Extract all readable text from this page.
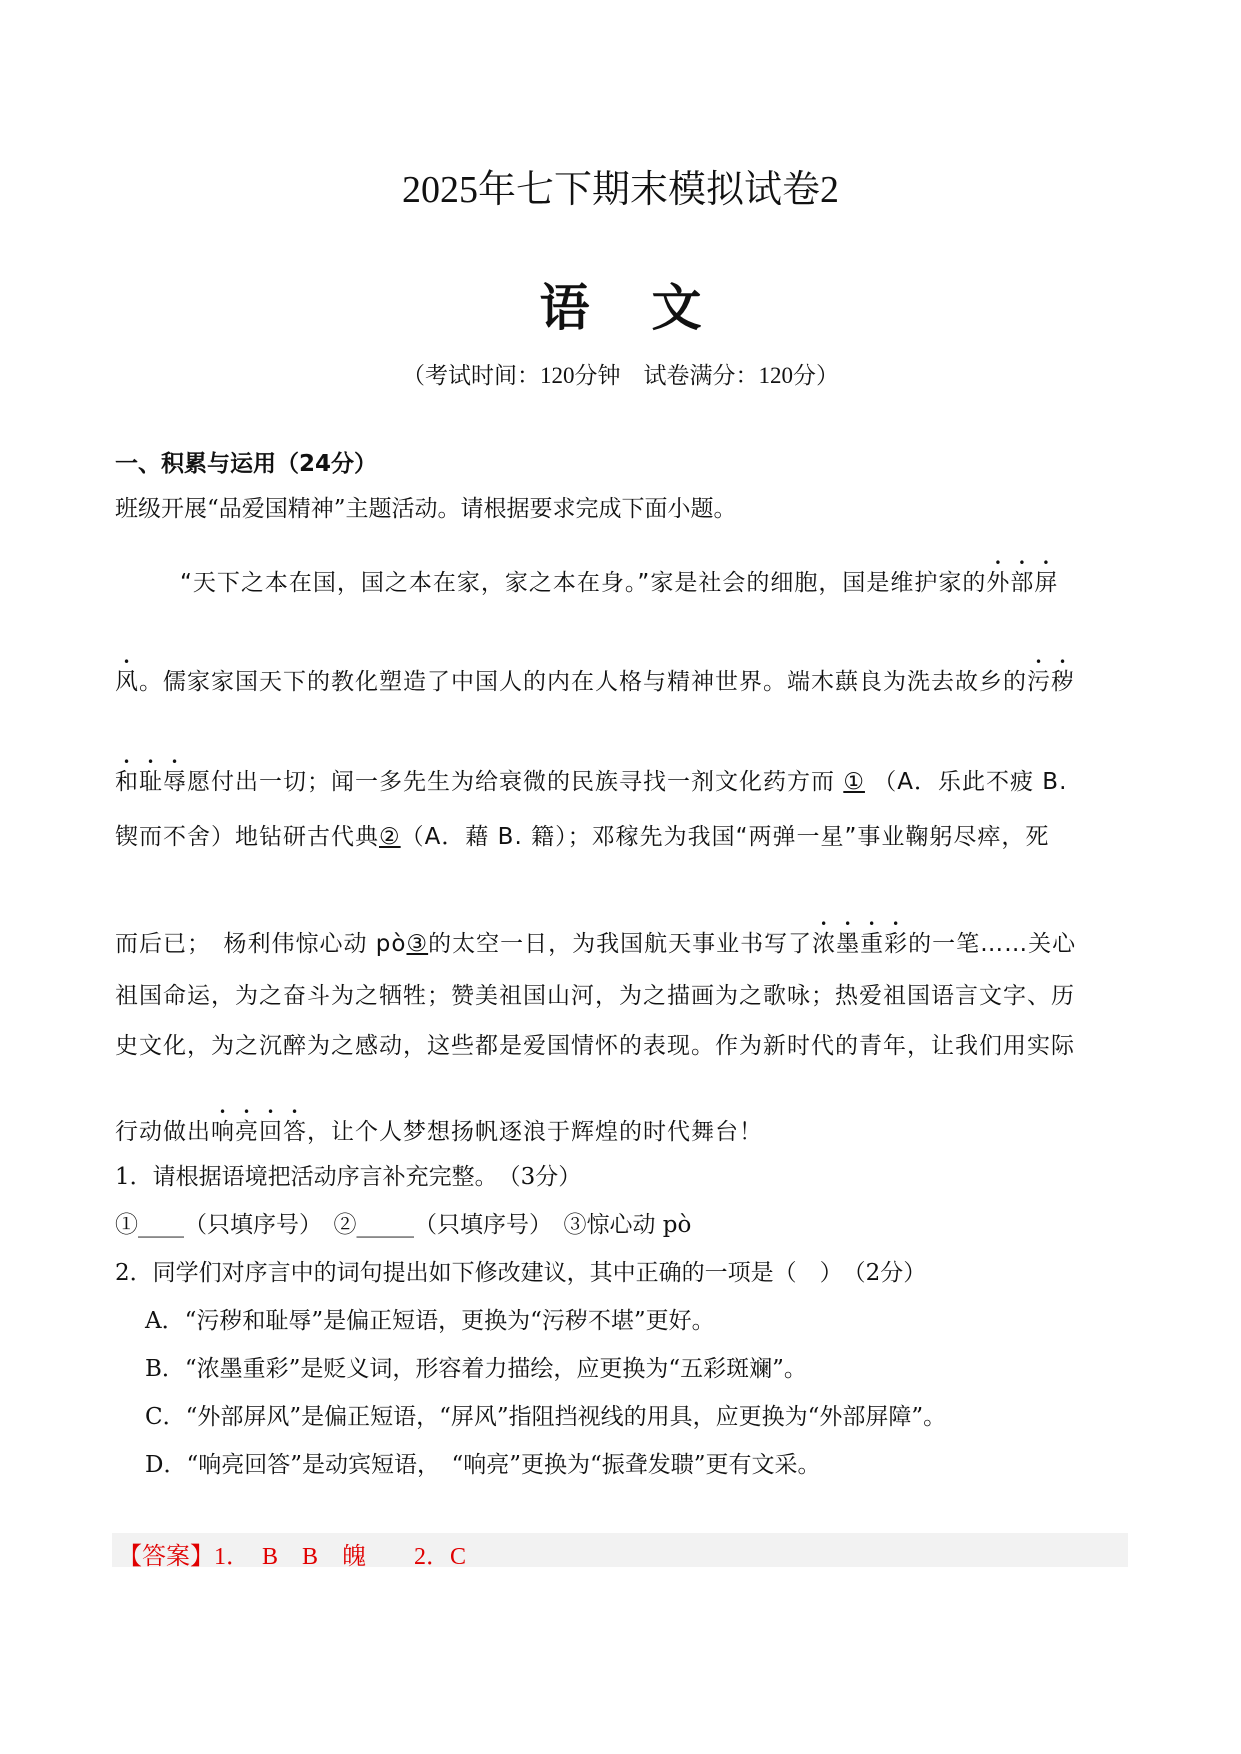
2025年七下期末模拟试卷2
语文
（考试时间：120分钟　试卷满分：120分）
一、积累与运用（24分）
班级开展“品爱国精神”主题活动。请根据要求完成下面小题。
“天下之本在国，国之本在家，家之本在身。”家是社会的细胞，国是维护家的外部屏
风。儒家家国天下的教化塑造了中国人的内在人格与精神世界。端木蕻良为洗去故乡的污秽
和耻辱愿付出一切；闻一多先生为给衰微的民族寻找一剂文化药方而 ① （A．乐此不疲 B.
锲而不舍）地钻研古代典②（A．藉 B. 籍）；邓稼先为我国“两弹一星”事业鞠躬尽瘁，死
而后已；　杨利伟惊心动 pò③的太空一日，为我国航天事业书写了浓墨重彩的一笔……关心
祖国命运，为之奋斗为之牺牲；赞美祖国山河，为之描画为之歌咏；热爱祖国语言文字、历
史文化，为之沉醉为之感动，这些都是爱国情怀的表现。作为新时代的青年，让我们用实际
行动做出响亮回答，让个人梦想扬帆逐浪于辉煌的时代舞台！
1．请根据语境把活动序言补充完整。　（3分）
①____（只填序号）　②_____（只填序号）　③惊心动 pò
2．同学们对序言中的词句提出如下修改建议，其中正确的一项是（　）　（2分）
A．“污秽和耻辱”是偏正短语，更换为“污秽不堪”更好。
B．“浓墨重彩”是贬义词，形容着力描绘，应更换为“五彩斑斓”。
C．“外部屏风”是偏正短语，“屏风”指阻挡视线的用具，应更换为“外部屏障”。
D．“响亮回答”是动宾短语，　“响亮”更换为“振聋发聩”更有文采。
【答案】1．　B　B　魄　　2．C
